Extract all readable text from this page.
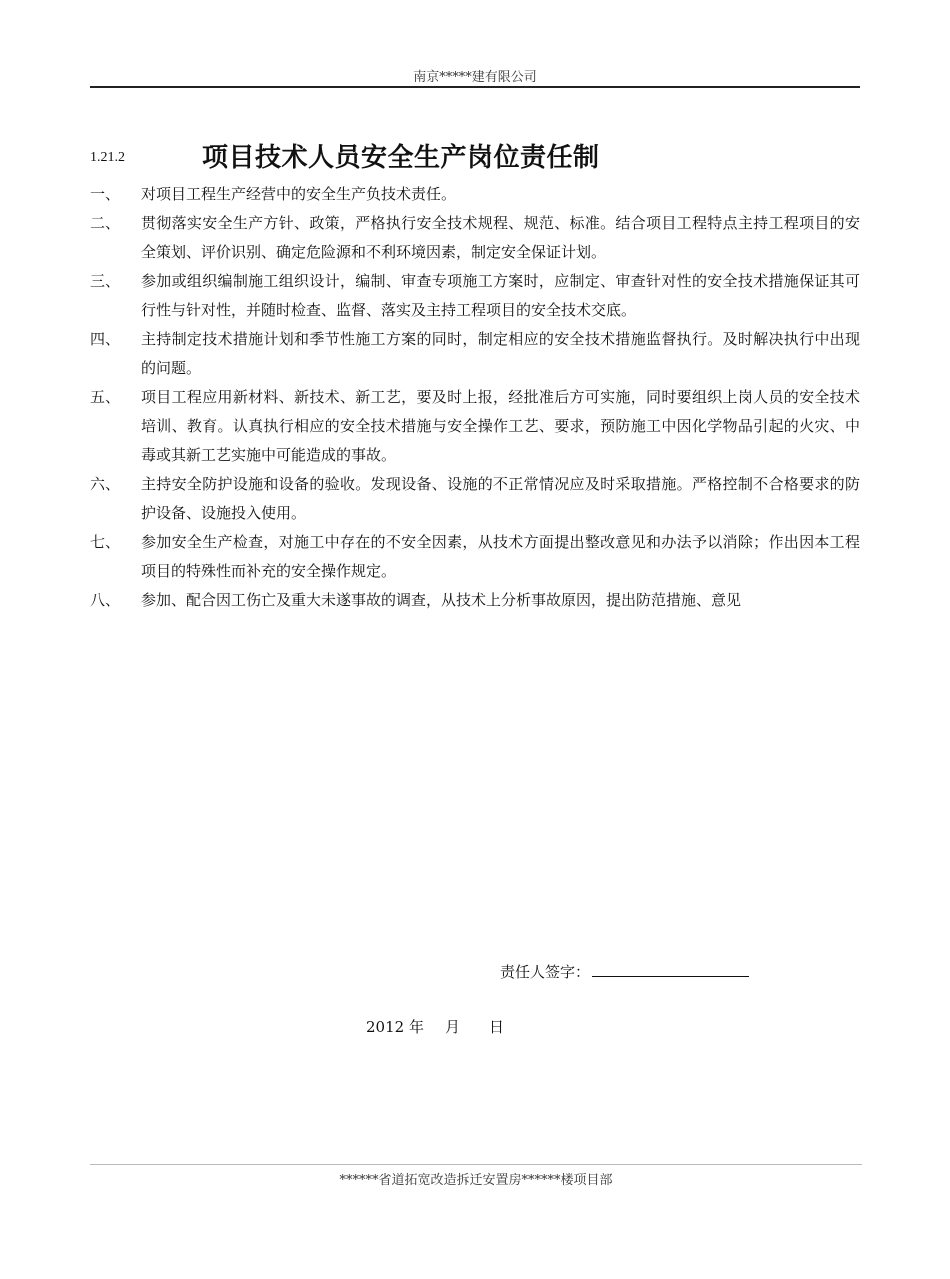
南京*****建有限公司
1.21.2	项目技术人员安全生产岗位责任制
一、	对项目工程生产经营中的安全生产负技术责任。
二、	贯彻落实安全生产方针、政策，严格执行安全技术规程、规范、标准。结合项目工程特点主持工程项目的安全策划、评价识别、确定危险源和不利环境因素，制定安全保证计划。
三、	参加或组织编制施工组织设计，编制、审查专项施工方案时，应制定、审查针对性的安全技术措施保证其可行性与针对性，并随时检查、监督、落实及主持工程项目的安全技术交底。
四、	主持制定技术措施计划和季节性施工方案的同时，制定相应的安全技术措施监督执行。及时解决执行中出现的问题。
五、	项目工程应用新材料、新技术、新工艺，要及时上报，经批准后方可实施，同时要组织上岗人员的安全技术培训、教育。认真执行相应的安全技术措施与安全操作工艺、要求，预防施工中因化学物品引起的火灾、中毒或其新工艺实施中可能造成的事故。
六、	主持安全防护设施和设备的验收。发现设备、设施的不正常情况应及时采取措施。严格控制不合格要求的防护设备、设施投入使用。
七、	参加安全生产检查，对施工中存在的不安全因素，从技术方面提出整改意见和办法予以消除；作出因本工程项目的特殊性而补充的安全操作规定。
八、	参加、配合因工伤亡及重大未遂事故的调查，从技术上分析事故原因，提出防范措施、意见
责任人签字：
2012 年	月	日
******省道拓宽改造拆迁安置房******楼项目部
